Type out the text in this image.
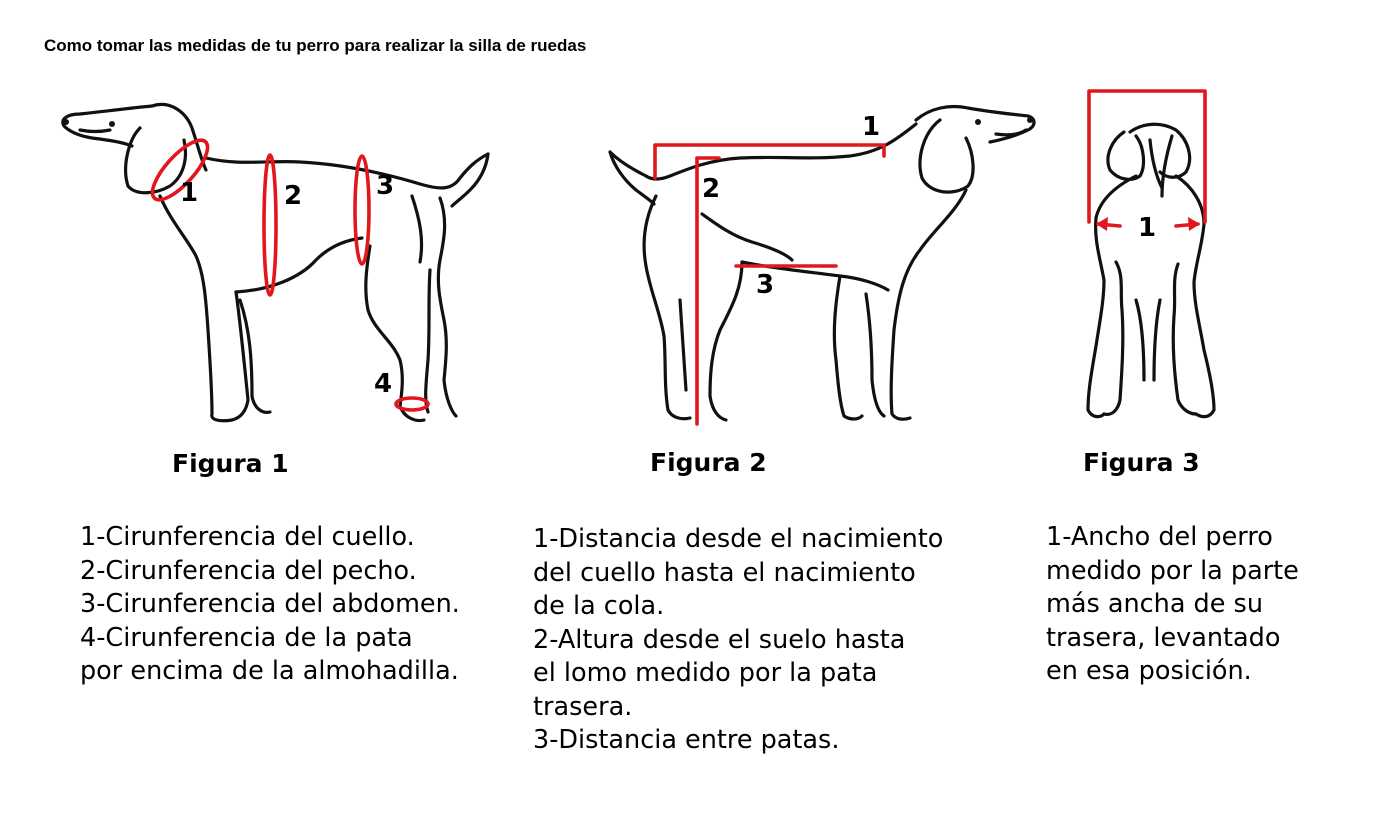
Como tomar las medidas de tu perro para realizar la silla de ruedas
1	2	3
4
1
2
3
1
Figura 1	Figura 2	Figura 3
1-Cirunferencia del cuello.
2-Cirunferencia del pecho.
3-Cirunferencia del abdomen.
4-Cirunferencia de la pata
por encima de la almohadilla.
1-Distancia desde el nacimiento
del cuello hasta el nacimiento
de la cola.
2-Altura desde el suelo hasta
el lomo medido por la pata
trasera.
3-Distancia entre patas.
1-Ancho del perro
medido por la parte
más ancha de su
trasera, levantado
en esa posición.
